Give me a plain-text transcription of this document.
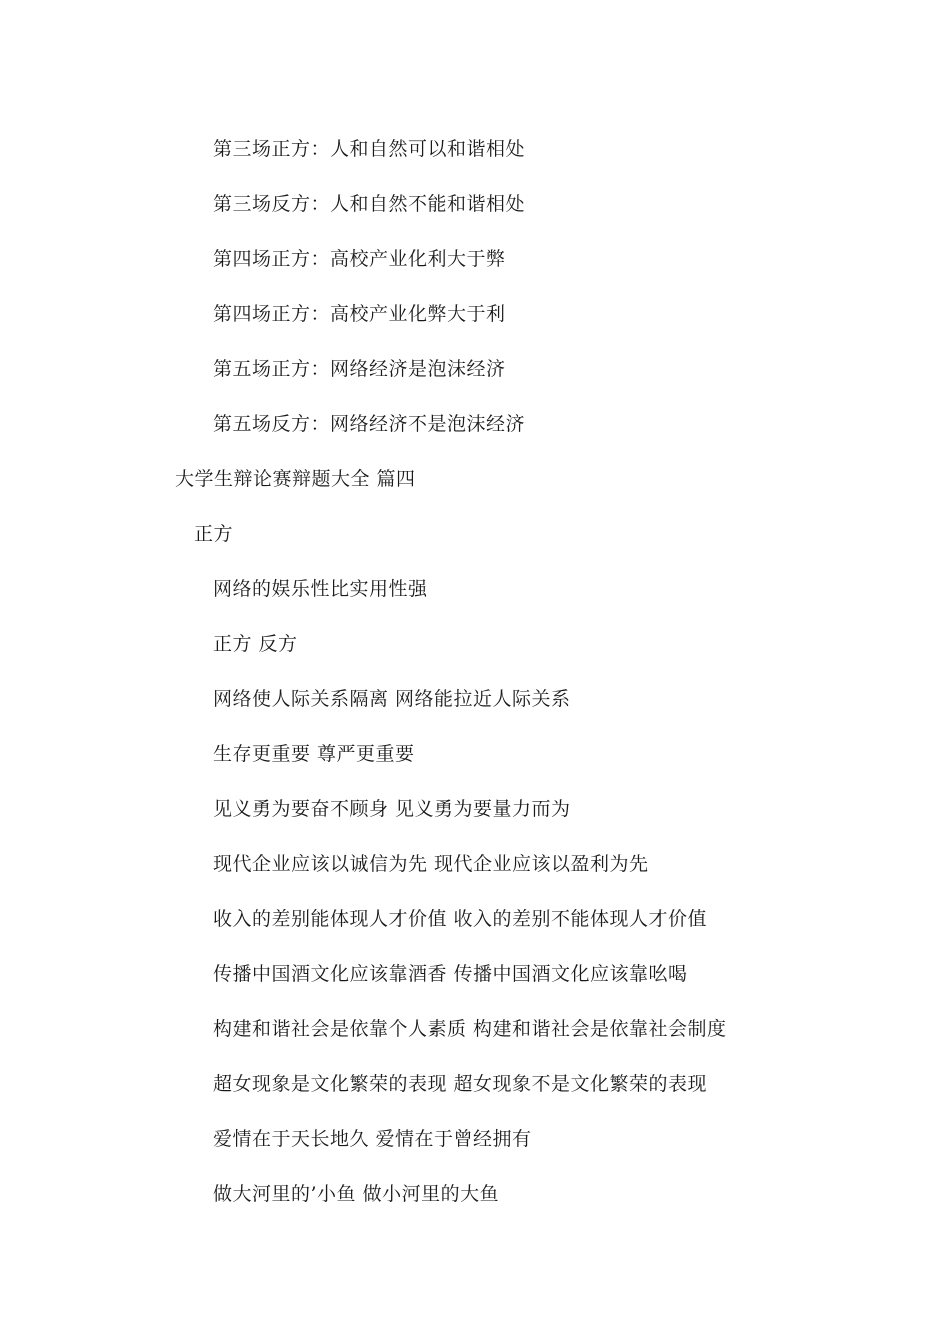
第三场正方：人和自然可以和谐相处
第三场反方：人和自然不能和谐相处
第四场正方：高校产业化利大于弊
第四场正方：高校产业化弊大于利
第五场正方：网络经济是泡沫经济
第五场反方：网络经济不是泡沫经济
大学生辩论赛辩题大全 篇四
正方
网络的娱乐性比实用性强
正方 反方
网络使人际关系隔离 网络能拉近人际关系
生存更重要 尊严更重要
见义勇为要奋不顾身 见义勇为要量力而为
现代企业应该以诚信为先 现代企业应该以盈利为先
收入的差别能体现人才价值 收入的差别不能体现人才价值
传播中国酒文化应该靠酒香 传播中国酒文化应该靠吆喝
构建和谐社会是依靠个人素质 构建和谐社会是依靠社会制度
超女现象是文化繁荣的表现 超女现象不是文化繁荣的表现
爱情在于天长地久 爱情在于曾经拥有
做大河里的’小鱼 做小河里的大鱼
